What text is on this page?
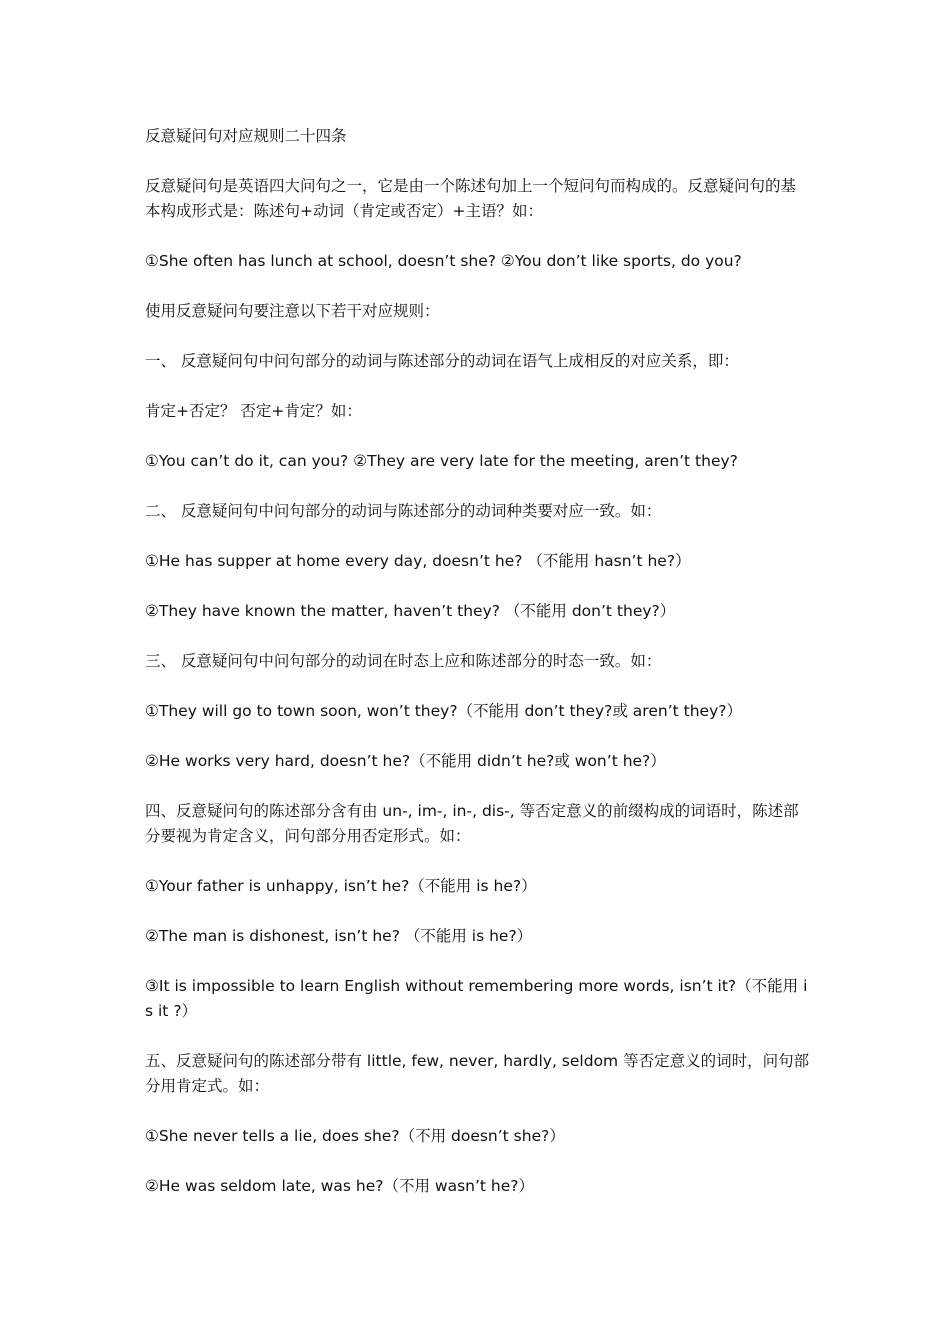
反意疑问句对应规则二十四条

反意疑问句是英语四大问句之一，它是由一个陈述句加上一个短问句而构成的。反意疑问句的基本构成形式是：陈述句+动词（肯定或否定）+主语？如：

①She often has lunch at school, doesn’t she? ②You don’t like sports, do you?

使用反意疑问句要注意以下若干对应规则：

一、 反意疑问句中问句部分的动词与陈述部分的动词在语气上成相反的对应关系，即：

肯定+否定？ 否定+肯定？如：

①You can’t do it, can you? ②They are very late for the meeting, aren’t they?

二、 反意疑问句中问句部分的动词与陈述部分的动词种类要对应一致。如：

①He has supper at home every day, doesn’t he? （不能用 hasn’t he?）

②They have known the matter, haven’t they? （不能用 don’t they?）

三、 反意疑问句中问句部分的动词在时态上应和陈述部分的时态一致。如：

①They will go to town soon, won’t they?（不能用 don’t they?或 aren’t they?）

②He works very hard, doesn’t he?（不能用 didn’t he?或 won’t he?）

四、反意疑问句的陈述部分含有由 un-, im-, in-, dis-, 等否定意义的前缀构成的词语时，陈述部分要视为肯定含义，问句部分用否定形式。如：

①Your father is unhappy, isn’t he?（不能用 is he?）

②The man is dishonest, isn’t he? （不能用 is he?）

③It is impossible to learn English without remembering more words, isn’t it?（不能用 is it ?）

五、反意疑问句的陈述部分带有 little, few, never, hardly, seldom 等否定意义的词时，问句部分用肯定式。如：

①She never tells a lie, does she?（不用 doesn’t she?）

②He was seldom late, was he?（不用 wasn’t he?）
